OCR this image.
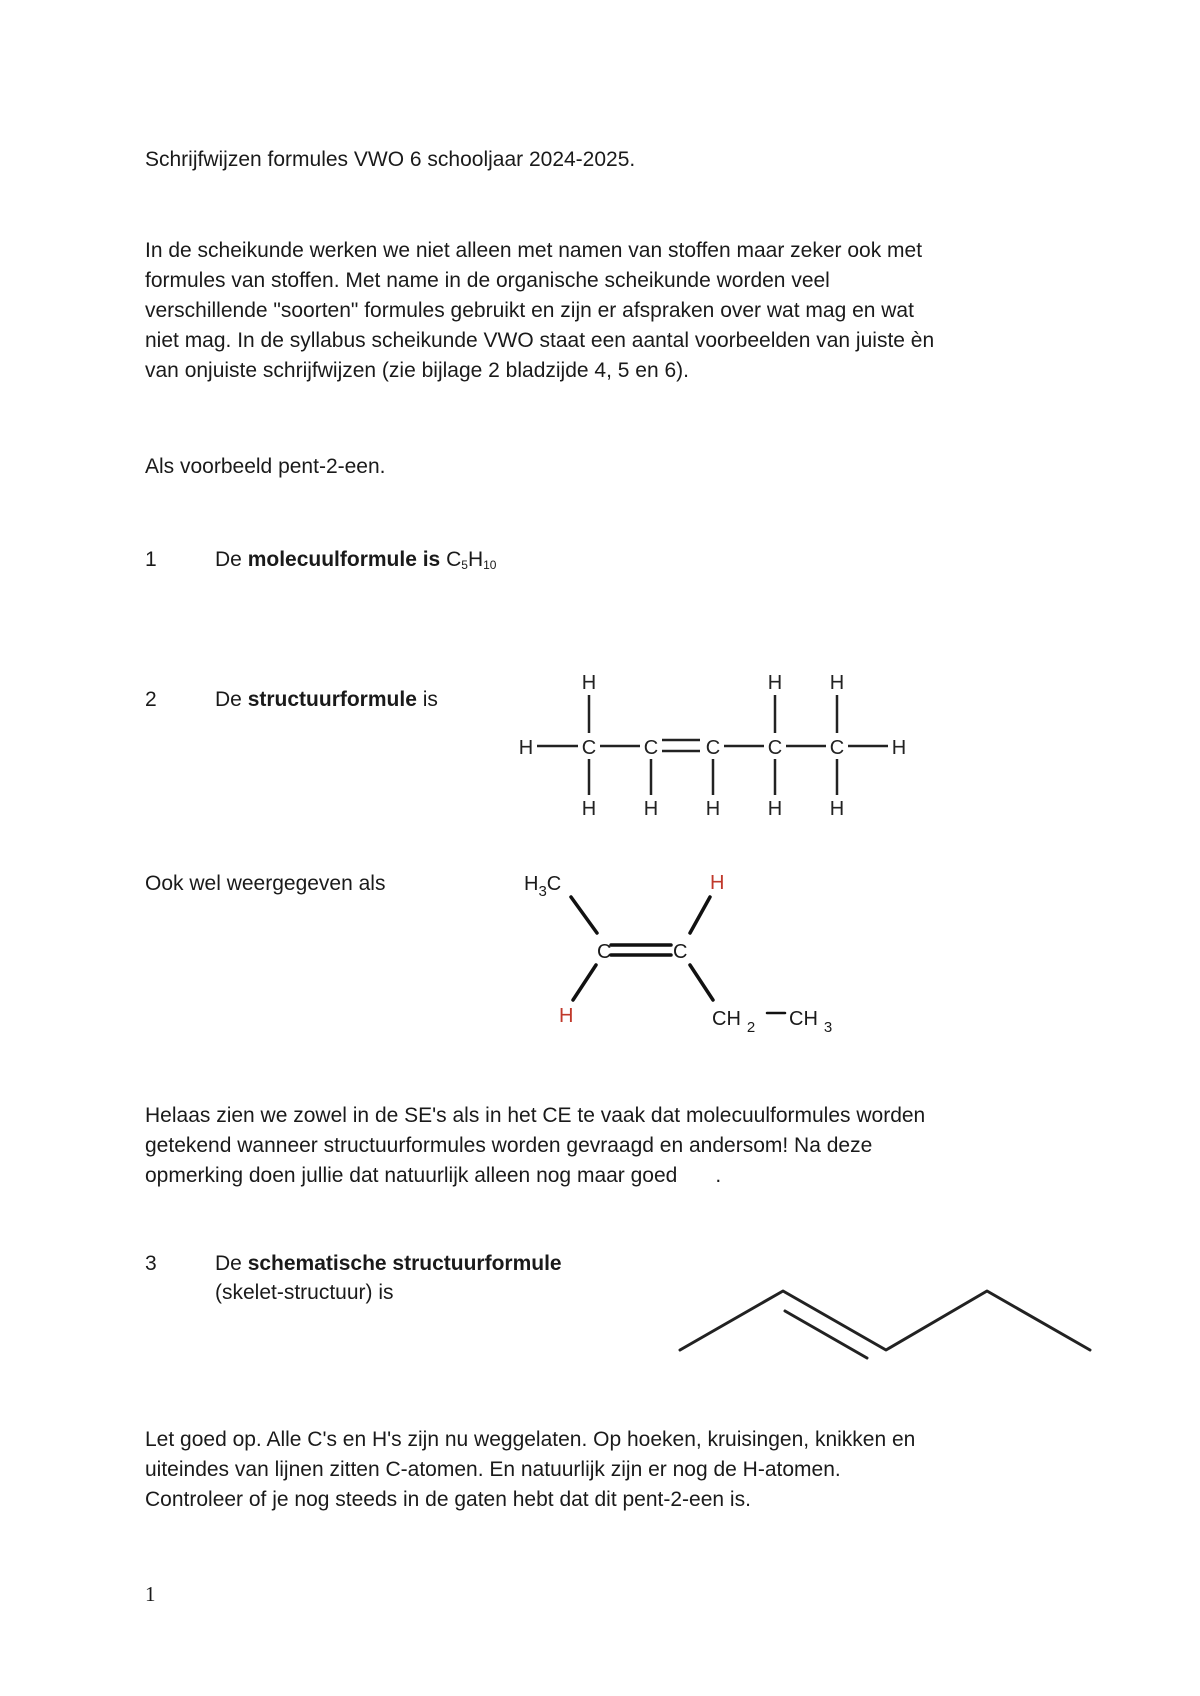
Schrijfwijzen formules VWO 6 schooljaar 2024-2025.
In de scheikunde werken we niet alleen met namen van stoffen maar zeker ook met
formules van stoffen. Met name in de organische scheikunde worden veel
verschillende "soorten" formules gebruikt en zijn er afspraken over wat mag en wat
niet mag. In de syllabus scheikunde VWO staat een aantal voorbeelden van juiste èn
van onjuiste schrijfwijzen (zie bijlage 2 bladzijde 4, 5 en 6).
Als voorbeeld pent-2-een.
1	De molecuulformule is $C_5H_{10}$
2	De structuurformule is
C C C C C
H	H
H	H H
H H H H H
Ook wel weergegeven als	$H_3C$
C	C
CH $_2$ CH $_3$
H
H
Helaas zien we zowel in de SE's als in het CE te vaak dat molecuulformules worden
getekend wanneer structuurformules worden gevraagd en andersom! Na deze
opmerking doen jullie dat natuurlijk alleen nog maar goed .
3	De schematische structuurformule
(skelet-structuur) is
Let goed op. Alle C's en H's zijn nu weggelaten. Op hoeken, kruisingen, knikken en
uiteindes van lijnen zitten C-atomen. En natuurlijk zijn er nog de H-atomen.
Controleer of je nog steeds in de gaten hebt dat dit pent-2-een is.
1
